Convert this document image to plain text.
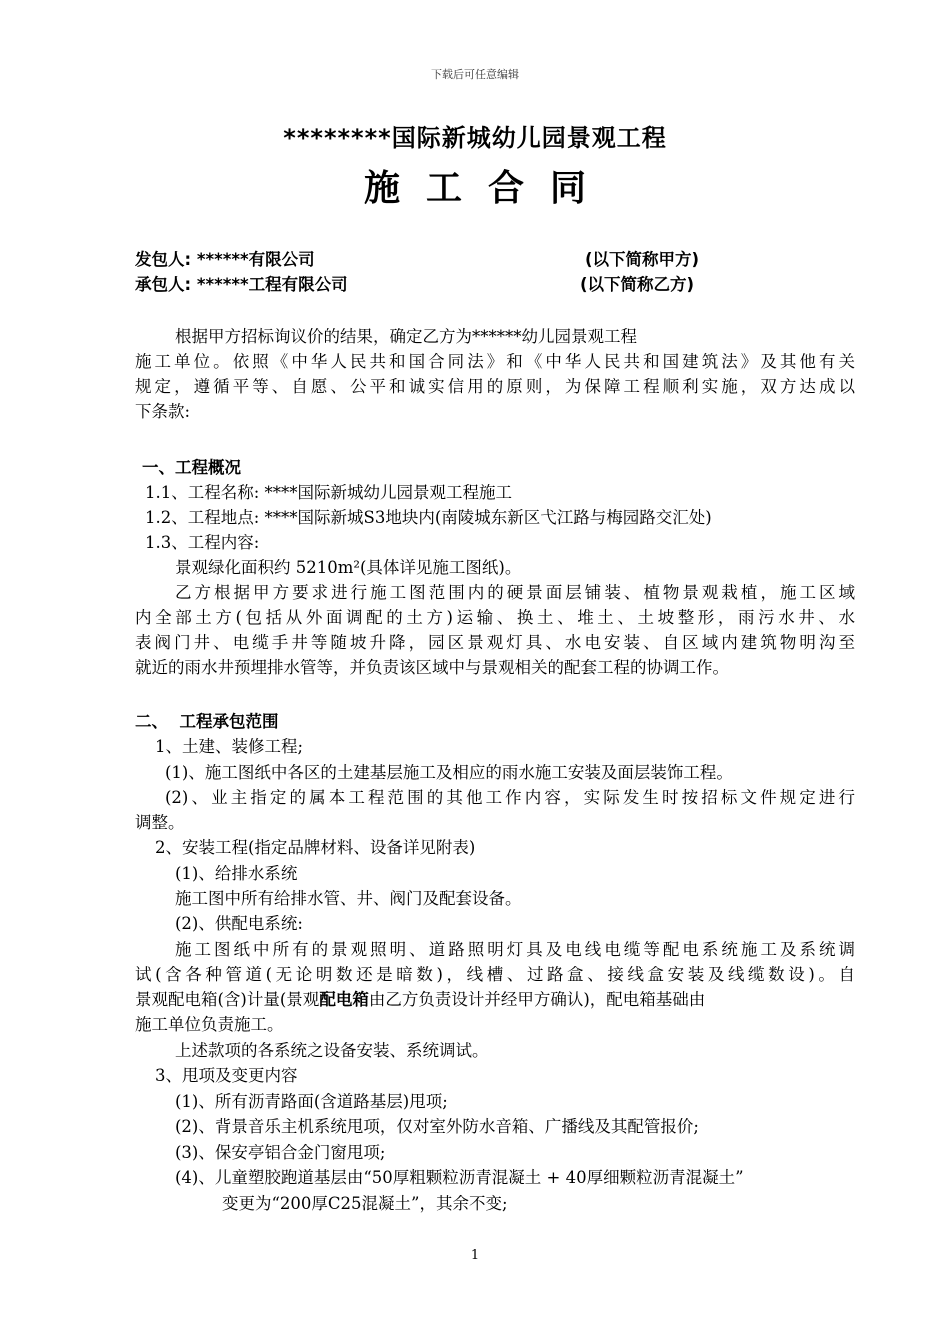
下载后可任意编辑
********国际新城幼儿园景观工程
施工合同
发包人: ******有限公司	(以下简称甲方)
承包人: ******工程有限公司	(以下简称乙方)
根据甲方招标询议价的结果，确定乙方为******幼儿园景观工程
施工单位。依照《中华人民共和国合同法》和《中华人民共和国建筑法》及其他有关
规定，遵循平等、自愿、公平和诚实信用的原则，为保障工程顺利实施，双方达成以
下条款:
一、工程概况
1.1、工程名称: ****国际新城幼儿园景观工程施工
1.2、工程地点: ****国际新城S3地块内(南陵城东新区弋江路与梅园路交汇处)
1.3、工程内容:
景观绿化面积约 5210m²(具体详见施工图纸)。
乙方根据甲方要求进行施工图范围内的硬景面层铺装、植物景观栽植，施工区域
内全部土方(包括从外面调配的土方)运输、换土、堆土、土坡整形，雨污水井、水
表阀门井、电缆手井等随坡升降，园区景观灯具、水电安装、自区域内建筑物明沟至
就近的雨水井预埋排水管等，并负责该区域中与景观相关的配套工程的协调工作。
二、  工程承包范围
1、土建、装修工程;
(1)、施工图纸中各区的土建基层施工及相应的雨水施工安装及面层装饰工程。
(2)、业主指定的属本工程范围的其他工作内容，实际发生时按招标文件规定进行
调整。
2、安装工程(指定品牌材料、设备详见附表)
(1)、给排水系统
施工图中所有给排水管、井、阀门及配套设备。
(2)、供配电系统:
施工图纸中所有的景观照明、道路照明灯具及电线电缆等配电系统施工及系统调
试(含各种管道(无论明数还是暗数)，线槽、过路盒、接线盒安装及线缆数设)。自
景观配电箱(含)计量(景观配电箱由乙方负责设计并经甲方确认)，配电箱基础由
施工单位负责施工。
上述款项的各系统之设备安装、系统调试。
3、甩项及变更内容
(1)、所有沥青路面(含道路基层)甩项;
(2)、背景音乐主机系统甩项，仅对室外防水音箱、广播线及其配管报价;
(3)、保安亭铝合金门窗甩项;
(4)、儿童塑胶跑道基层由“50厚粗颗粒沥青混凝土 + 40厚细颗粒沥青混凝土”
变更为“200厚C25混凝土”，其余不变;
1
